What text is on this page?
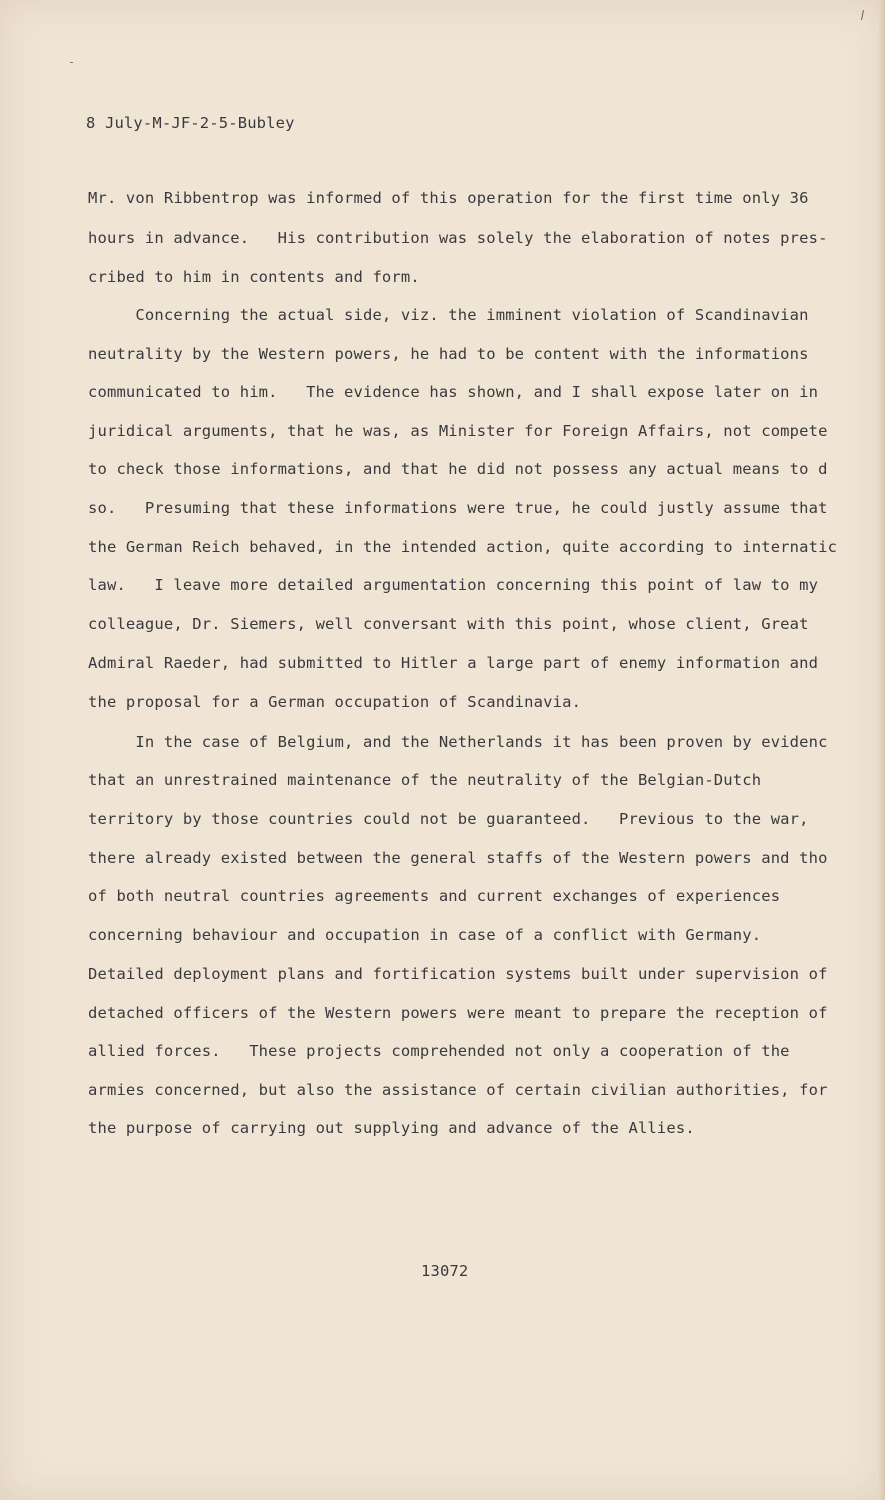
8 July-M-JF-2-5-Bubley

Mr. von Ribbentrop was informed of this operation for the first time only 36

hours in advance.   His contribution was solely the elaboration of notes pres-

cribed to him in contents and form.

Concerning the actual side, viz. the imminent violation of Scandinavian

neutrality by the Western powers, he had to be content with the informations

communicated to him.   The evidence has shown, and I shall expose later on in

juridical arguments, that he was, as Minister for Foreign Affairs, not compete

to check those informations, and that he did not possess any actual means to d

so.   Presuming that these informations were true, he could justly assume that

the German Reich behaved, in the intended action, quite according to internatic

law.   I leave more detailed argumentation concerning this point of law to my

colleague, Dr. Siemers, well conversant with this point, whose client, Great

Admiral Raeder, had submitted to Hitler a large part of enemy information and

the proposal for a German occupation of Scandinavia.

In the case of Belgium, and the Netherlands it has been proven by evidenc

that an unrestrained maintenance of the neutrality of the Belgian-Dutch

territory by those countries could not be guaranteed.   Previous to the war,

there already existed between the general staffs of the Western powers and tho

of both neutral countries agreements and current exchanges of experiences

concerning behaviour and occupation in case of a conflict with Germany.

Detailed deployment plans and fortification systems built under supervision of

detached officers of the Western powers were meant to prepare the reception of

allied forces.   These projects comprehended not only a cooperation of the

armies concerned, but also the assistance of certain civilian authorities, for

the purpose of carrying out supplying and advance of the Allies.

13072
